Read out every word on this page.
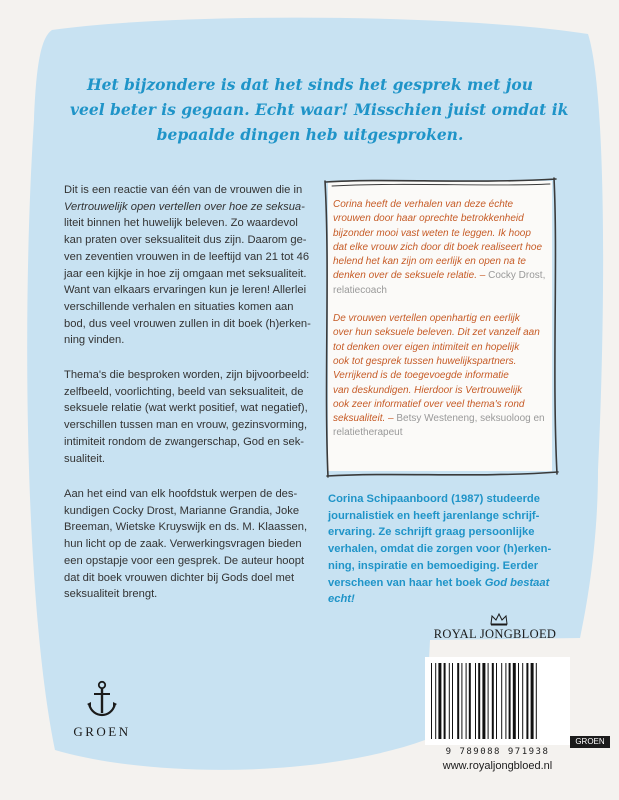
Het bijzondere is dat het sinds het gesprek met jou
veel beter is gegaan. Echt waar! Misschien juist omdat ik
bepaalde dingen heb uitgesproken.
Dit is een reactie van één van de vrouwen die in
Vertrouwelijk open vertellen over hoe ze seksua-
liteit binnen het huwelijk beleven. Zo waardevol
kan praten over seksualiteit dus zijn. Daarom ge-
ven zeventien vrouwen in de leeftijd van 21 tot 46
jaar een kijkje in hoe zij omgaan met seksualiteit.
Want van elkaars ervaringen kun je leren! Allerlei
verschillende verhalen en situaties komen aan
bod, dus veel vrouwen zullen in dit boek (h)erken-
ning vinden.
Thema's die besproken worden, zijn bijvoorbeeld:
zelfbeeld, voorlichting, beeld van seksualiteit, de
seksuele relatie (wat werkt positief, wat negatief),
verschillen tussen man en vrouw, gezinsvorming,
intimiteit rondom de zwangerschap, God en sek-
sualiteit.
Aan het eind van elk hoofdstuk werpen de des-
kundigen Cocky Drost, Marianne Grandia, Joke
Breeman, Wietske Kruyswijk en ds. M. Klaassen,
hun licht op de zaak. Verwerkingsvragen bieden
een opstapje voor een gesprek. De auteur hoopt
dat dit boek vrouwen dichter bij Gods doel met
seksualiteit brengt.
Corina heeft de verhalen van deze échte
vrouwen door haar oprechte betrokkenheid
bijzonder mooi vast weten te leggen. Ik hoop
dat elke vrouw zich door dit boek realiseert hoe
helend het kan zijn om eerlijk en open na te
denken over de seksuele relatie. – Cocky Drost,
relatiecoach
De vrouwen vertellen openhartig en eerlijk
over hun seksuele beleven. Dit zet vanzelf aan
tot denken over eigen intimiteit en hopelijk
ook tot gesprek tussen huwelijkspartners.
Verrijkend is de toegevoegde informatie
van deskundigen. Hierdoor is Vertrouwelijk
ook zeer informatief over veel thema's rond
seksualiteit. – Betsy Westeneng, seksuoloog en
relatietherapeut
Corina Schipaanboord (1987) studeerde
journalistiek en heeft jarenlange schrijf-
ervaring. Ze schrijft graag persoonlijke
verhalen, omdat die zorgen voor (h)erken-
ning, inspiratie en bemoediging. Eerder
verscheen van haar het boek God bestaat
echt!
ROYAL JONGBLOED
9 789088 971938
GROEN
www.royaljongbloed.nl
GROEN
